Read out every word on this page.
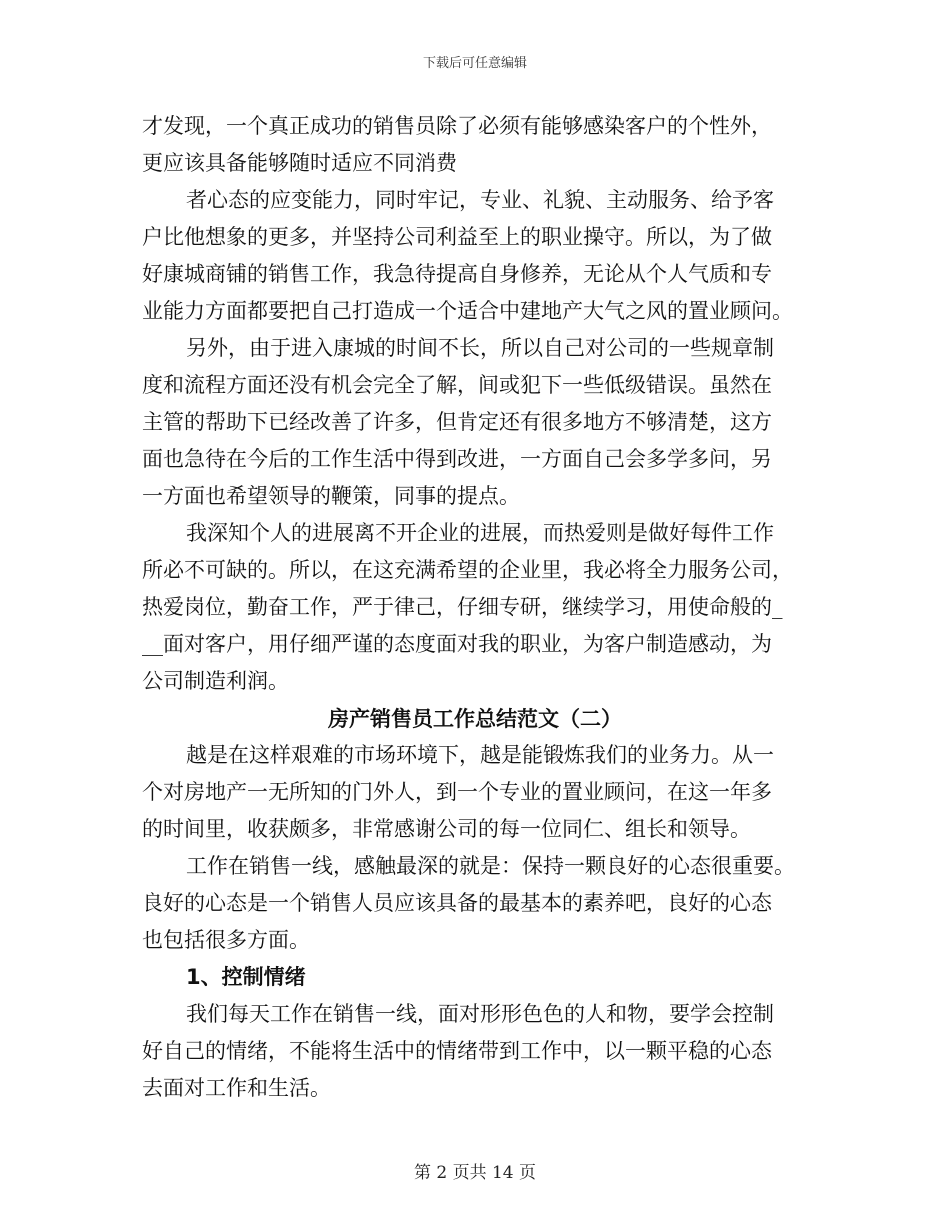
下载后可任意编辑
才发现，一个真正成功的销售员除了必须有能够感染客户的个性外，
更应该具备能够随时适应不同消费
者心态的应变能力，同时牢记，专业、礼貌、主动服务、给予客
户比他想象的更多，并坚持公司利益至上的职业操守。所以，为了做
好康城商铺的销售工作，我急待提高自身修养，无论从个人气质和专
业能力方面都要把自己打造成一个适合中建地产大气之风的置业顾问。
另外，由于进入康城的时间不长，所以自己对公司的一些规章制
度和流程方面还没有机会完全了解，间或犯下一些低级错误。虽然在
主管的帮助下已经改善了许多，但肯定还有很多地方不够清楚，这方
面也急待在今后的工作生活中得到改进，一方面自己会多学多问，另
一方面也希望领导的鞭策，同事的提点。
我深知个人的进展离不开企业的进展，而热爱则是做好每件工作
所必不可缺的。所以，在这充满希望的企业里，我必将全力服务公司，
热爱岗位，勤奋工作，严于律己，仔细专研，继续学习，用使命般的_
__面对客户，用仔细严谨的态度面对我的职业，为客户制造感动，为
公司制造利润。
房产销售员工作总结范文（二）
越是在这样艰难的市场环境下，越是能锻炼我们的业务力。从一
个对房地产一无所知的门外人，到一个专业的置业顾问，在这一年多
的时间里，收获颇多，非常感谢公司的每一位同仁、组长和领导。
工作在销售一线，感触最深的就是：保持一颗良好的心态很重要。
良好的心态是一个销售人员应该具备的最基本的素养吧，良好的心态
也包括很多方面。
1、控制情绪
我们每天工作在销售一线，面对形形色色的人和物，要学会控制
好自己的情绪，不能将生活中的情绪带到工作中，以一颗平稳的心态
去面对工作和生活。
第 2 页共 14 页
